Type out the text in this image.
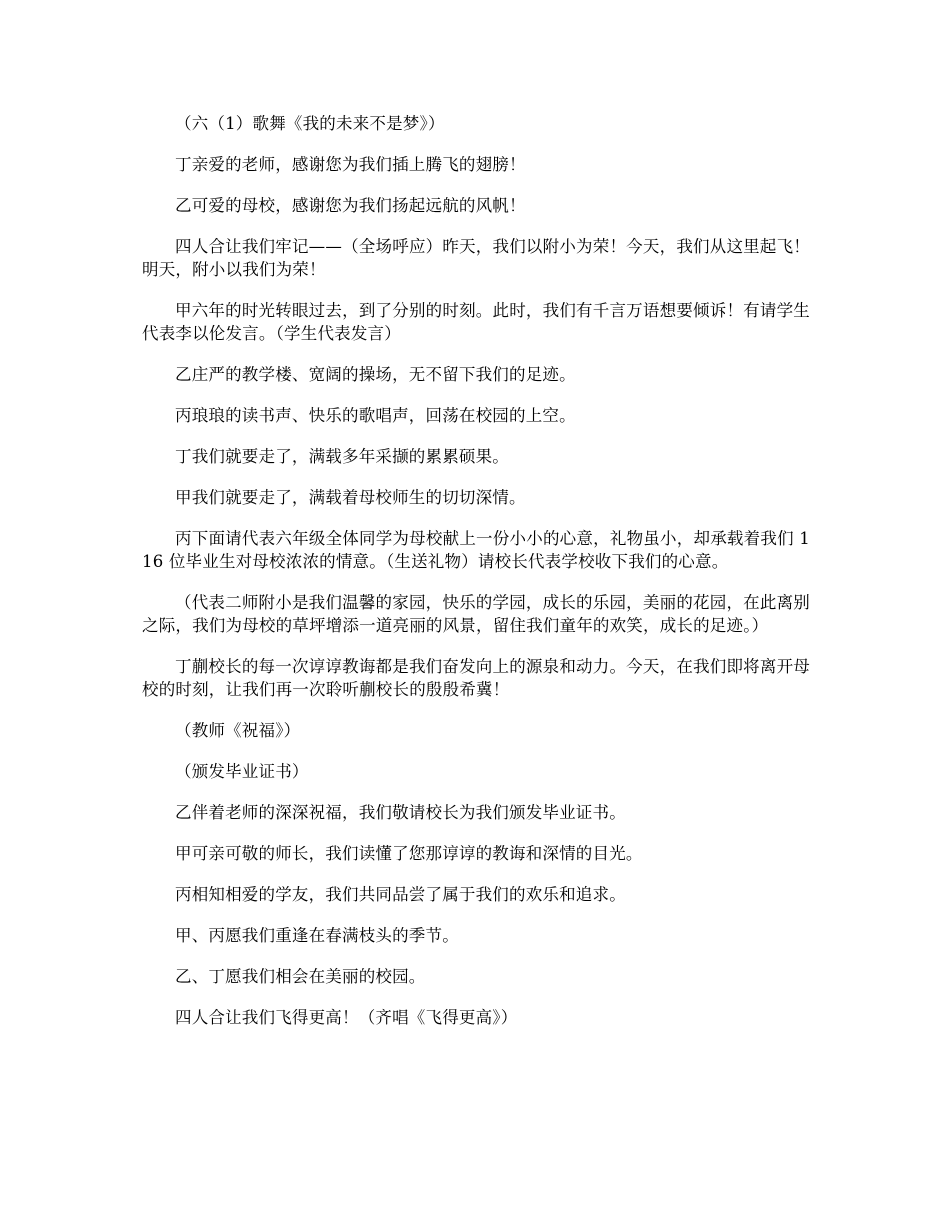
（六（1）歌舞《我的未来不是梦》）

丁亲爱的老师，感谢您为我们插上腾飞的翅膀！

乙可爱的母校，感谢您为我们扬起远航的风帆！

四人合让我们牢记——（全场呼应）昨天，我们以附小为荣！今天，我们从这里起飞！明天，附小以我们为荣！

甲六年的时光转眼过去，到了分别的时刻。此时，我们有千言万语想要倾诉！有请学生代表李以伦发言。（学生代表发言）

乙庄严的教学楼、宽阔的操场，无不留下我们的足迹。

丙琅琅的读书声、快乐的歌唱声，回荡在校园的上空。

丁我们就要走了，满载多年采撷的累累硕果。

甲我们就要走了，满载着母校师生的切切深情。

丙下面请代表六年级全体同学为母校献上一份小小的心意，礼物虽小，却承载着我们 116 位毕业生对母校浓浓的情意。（生送礼物）请校长代表学校收下我们的心意。

（代表二师附小是我们温馨的家园，快乐的学园，成长的乐园，美丽的花园，在此离别之际，我们为母校的草坪增添一道亮丽的风景，留住我们童年的欢笑，成长的足迹。）

丁蒯校长的每一次谆谆教诲都是我们奋发向上的源泉和动力。今天，在我们即将离开母校的时刻，让我们再一次聆听蒯校长的殷殷希冀！

（教师《祝福》）

（颁发毕业证书）

乙伴着老师的深深祝福，我们敬请校长为我们颁发毕业证书。

甲可亲可敬的师长，我们读懂了您那谆谆的教诲和深情的目光。

丙相知相爱的学友，我们共同品尝了属于我们的欢乐和追求。

甲、丙愿我们重逢在春满枝头的季节。

乙、丁愿我们相会在美丽的校园。

四人合让我们飞得更高！（齐唱《飞得更高》）
